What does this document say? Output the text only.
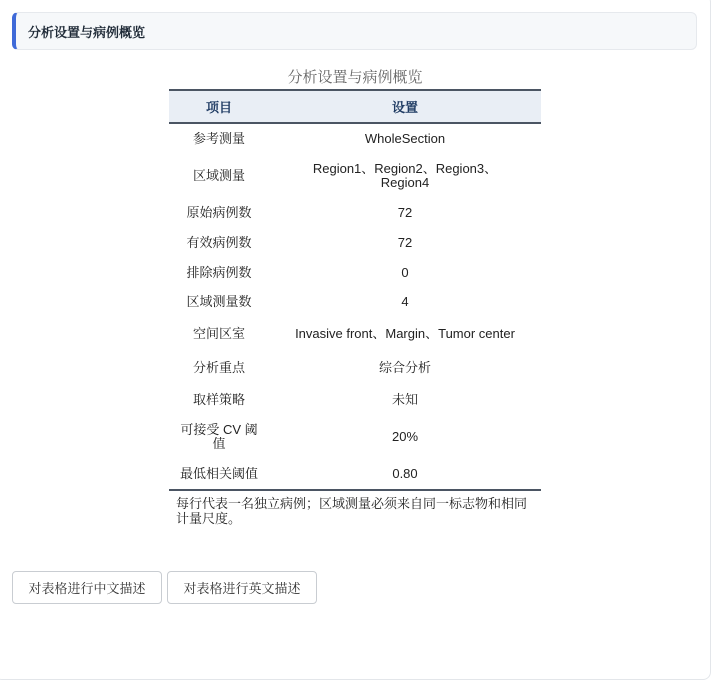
分析设置与病例概览
分析设置与病例概览
项目	设置
参考测量	WholeSection
区域测量	Region1、Region2、Region3、
Region4
原始病例数	72
有效病例数	72
排除病例数	0
区域测量数	4
空间区室	Invasive front、Margin、Tumor center
分析重点	综合分析
取样策略	未知
可接受 CV 阈
值	20%
最低相关阈值	0.80
每行代表一名独立病例；区域测量必须来自同一标志物和相同计量尺度。
对表格进行中文描述	对表格进行英文描述
